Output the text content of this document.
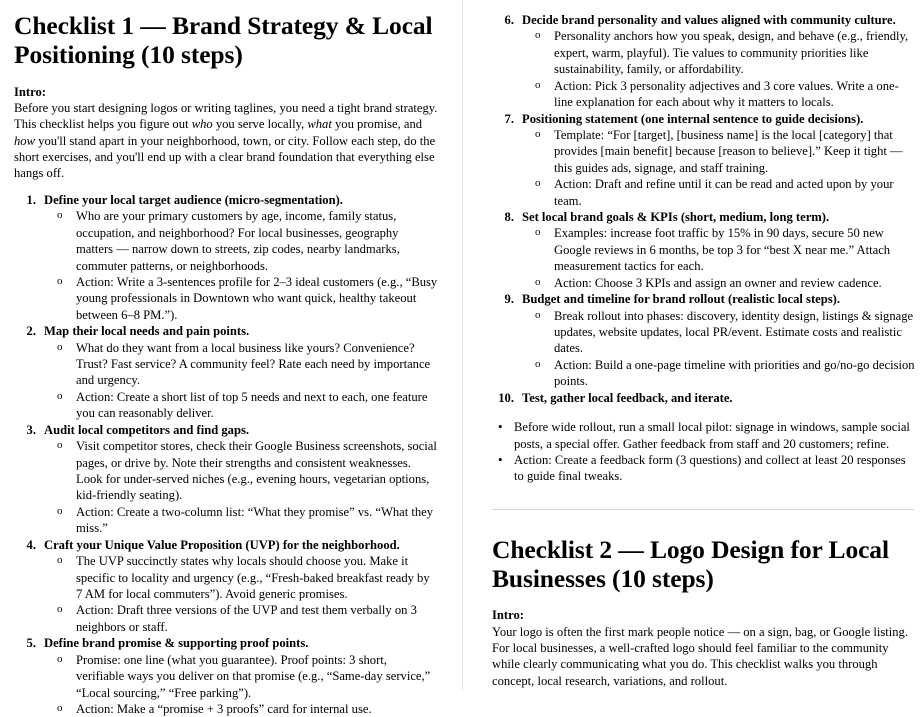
Checklist 1 — Brand Strategy & Local Positioning (10 steps)
Intro:

Before you start designing logos or writing taglines, you need a tight brand strategy. This checklist helps you figure out who you serve locally, what you promise, and how you'll stand apart in your neighborhood, town, or city. Follow each step, do the short exercises, and you'll end up with a clear brand foundation that everything else hangs off.

1. Define your local target audience (micro-segmentation).
o Who are your primary customers by age, income, family status, occupation, and neighborhood? For local businesses, geography matters — narrow down to streets, zip codes, nearby landmarks, commuter patterns, or neighborhoods.
o Action: Write a 3-sentences profile for 2–3 ideal customers (e.g., “Busy young professionals in Downtown who want quick, healthy takeout between 6–8 PM.”).
2. Map their local needs and pain points.
o What do they want from a local business like yours? Convenience? Trust? Fast service? A community feel? Rate each need by importance and urgency.
o Action: Create a short list of top 5 needs and next to each, one feature you can reasonably deliver.
3. Audit local competitors and find gaps.
o Visit competitor stores, check their Google Business screenshots, social pages, or drive by. Note their strengths and consistent weaknesses. Look for under-served niches (e.g., evening hours, vegetarian options, kid-friendly seating).
o Action: Create a two-column list: “What they promise” vs. “What they miss.”
4. Craft your Unique Value Proposition (UVP) for the neighborhood.
o The UVP succinctly states why locals should choose you. Make it specific to locality and urgency (e.g., “Fresh-baked breakfast ready by 7 AM for local commuters”). Avoid generic promises.
o Action: Draft three versions of the UVP and test them verbally on 3 neighbors or staff.
5. Define brand promise & supporting proof points.
o Promise: one line (what you guarantee). Proof points: 3 short, verifiable ways you deliver on that promise (e.g., “Same-day service,” “Local sourcing,” “Free parking”).
o Action: Make a “promise + 3 proofs” card for internal use.
6. Decide brand personality and values aligned with community culture.
o Personality anchors how you speak, design, and behave (e.g., friendly, expert, warm, playful). Tie values to community priorities like sustainability, family, or affordability.
o Action: Pick 3 personality adjectives and 3 core values. Write a one-line explanation for each about why it matters to locals.
7. Positioning statement (one internal sentence to guide decisions).
o Template: “For [target], [business name] is the local [category] that provides [main benefit] because [reason to believe].” Keep it tight — this guides ads, signage, and staff training.
o Action: Draft and refine until it can be read and acted upon by your team.
8. Set local brand goals & KPIs (short, medium, long term).
o Examples: increase foot traffic by 15% in 90 days, secure 50 new Google reviews in 6 months, be top 3 for “best X near me.” Attach measurement tactics for each.
o Action: Choose 3 KPIs and assign an owner and review cadence.
9. Budget and timeline for brand rollout (realistic local steps).
o Break rollout into phases: discovery, identity design, listings & signage updates, website updates, local PR/event. Estimate costs and realistic dates.
o Action: Build a one-page timeline with priorities and go/no-go decision points.
10. Test, gather local feedback, and iterate.
• Before wide rollout, run a small local pilot: signage in windows, sample social posts, a special offer. Gather feedback from staff and 20 customers; refine.
• Action: Create a feedback form (3 questions) and collect at least 20 responses to guide final tweaks.
Checklist 2 — Logo Design for Local Businesses (10 steps)
Intro:

Your logo is often the first mark people notice — on a sign, bag, or Google listing. For local businesses, a well-crafted logo should feel familiar to the community while clearly communicating what you do. This checklist walks you through concept, local research, variations, and rollout.
